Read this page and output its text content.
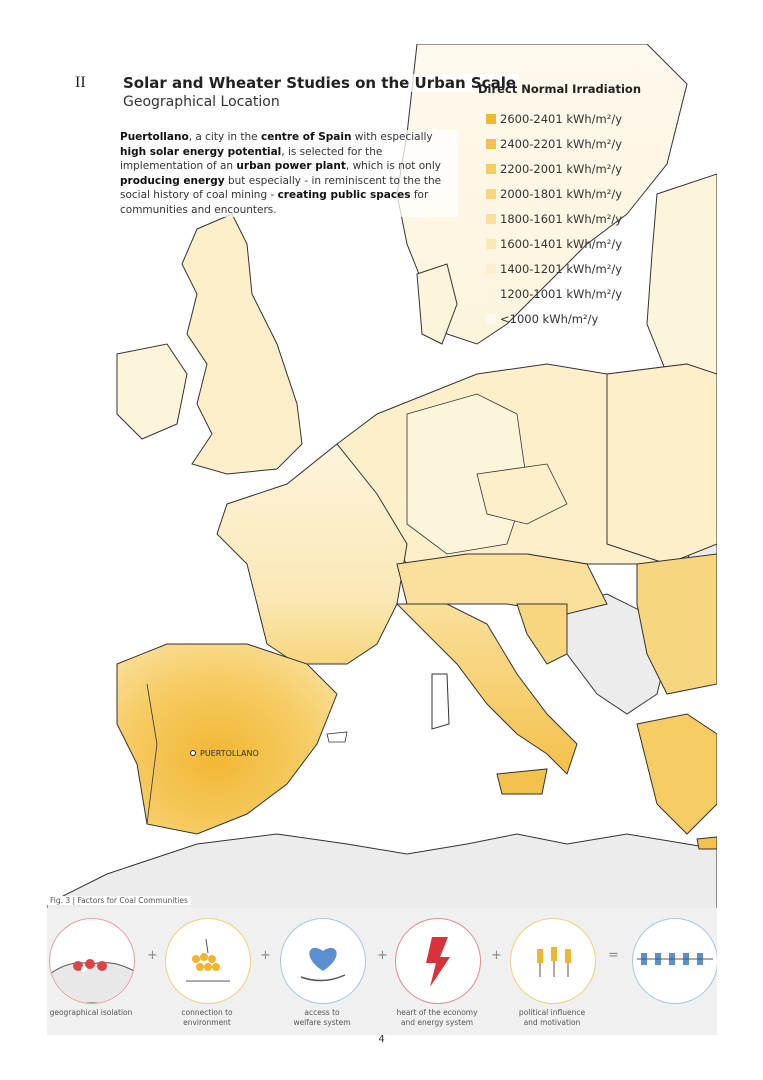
PUERTOLLANO
II Solar and Wheater Studies on the Urban Scale
Geographical Location
Puertollano, a city in the centre of Spain with especially high solar energy potential, is selected for the implementation of an urban power plant, which is not only producing energy but especially - in reminiscent to the the social history of coal mining - creating public spaces for communities and encounters.
Direct Normal Irradiation
2600-2401 kWh/m²/y
2400-2201 kWh/m²/y
2200-2001 kWh/m²/y
2000-1801 kWh/m²/y
1800-1601 kWh/m²/y
1600-1401 kWh/m²/y
1400-1201 kWh/m²/y
1200-1001 kWh/m²/y
<1000 kWh/m²/y
Fig. 3 | Factors for Coal Communities
geographical isolation	connection to
environment
access to
welfare system
heart of the economy
and energy system
political influence
and motivation
+	+	+	+	=
4
